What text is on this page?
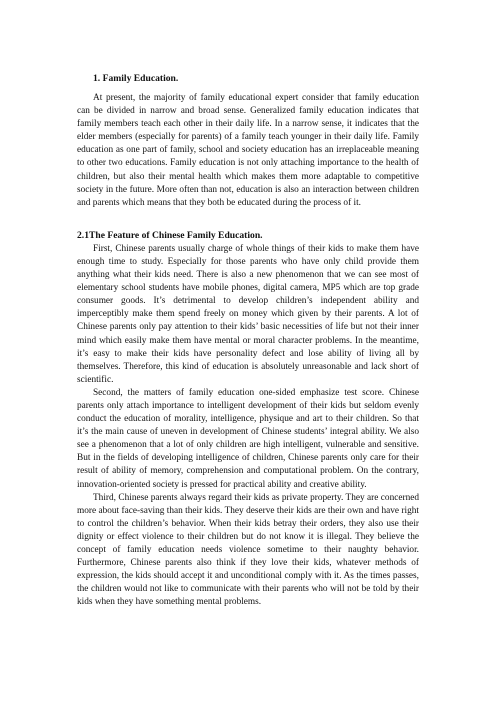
1. Family Education.

At present, the majority of family educational expert consider that family education can be divided in narrow and broad sense. Generalized family education indicates that family members teach each other in their daily life. In a narrow sense, it indicates that the elder members (especially for parents) of a family teach younger in their daily life. Family education as one part of family, school and society education has an irreplaceable meaning to other two educations. Family education is not only attaching importance to the health of children, but also their mental health which makes them more adaptable to competitive society in the future. More often than not, education is also an interaction between children and parents which means that they both be educated during the process of it.

2.1The Feature of Chinese Family Education.

First, Chinese parents usually charge of whole things of their kids to make them have enough time to study. Especially for those parents who have only child provide them anything what their kids need. There is also a new phenomenon that we can see most of elementary school students have mobile phones, digital camera, MP5 which are top grade consumer goods. It’s detrimental to develop children’s independent ability and imperceptibly make them spend freely on money which given by their parents. A lot of Chinese parents only pay attention to their kids’ basic necessities of life but not their inner mind which easily make them have mental or moral character problems. In the meantime, it’s easy to make their kids have personality defect and lose ability of living all by themselves. Therefore, this kind of education is absolutely unreasonable and lack short of scientific.

Second, the matters of family education one-sided emphasize test score. Chinese parents only attach importance to intelligent development of their kids but seldom evenly conduct the education of morality, intelligence, physique and art to their children. So that it’s the main cause of uneven in development of Chinese students’ integral ability. We also see a phenomenon that a lot of only children are high intelligent, vulnerable and sensitive. But in the fields of developing intelligence of children, Chinese parents only care for their result of ability of memory, comprehension and computational problem. On the contrary, innovation-oriented society is pressed for practical ability and creative ability.

Third, Chinese parents always regard their kids as private property. They are concerned more about face-saving than their kids. They deserve their kids are their own and have right to control the children’s behavior. When their kids betray their orders, they also use their dignity or effect violence to their children but do not know it is illegal. They believe the concept of family education needs violence sometime to their naughty behavior. Furthermore, Chinese parents also think if they love their kids, whatever methods of expression, the kids should accept it and unconditional comply with it. As the times passes, the children would not like to communicate with their parents who will not be told by their kids when they have something mental problems.
